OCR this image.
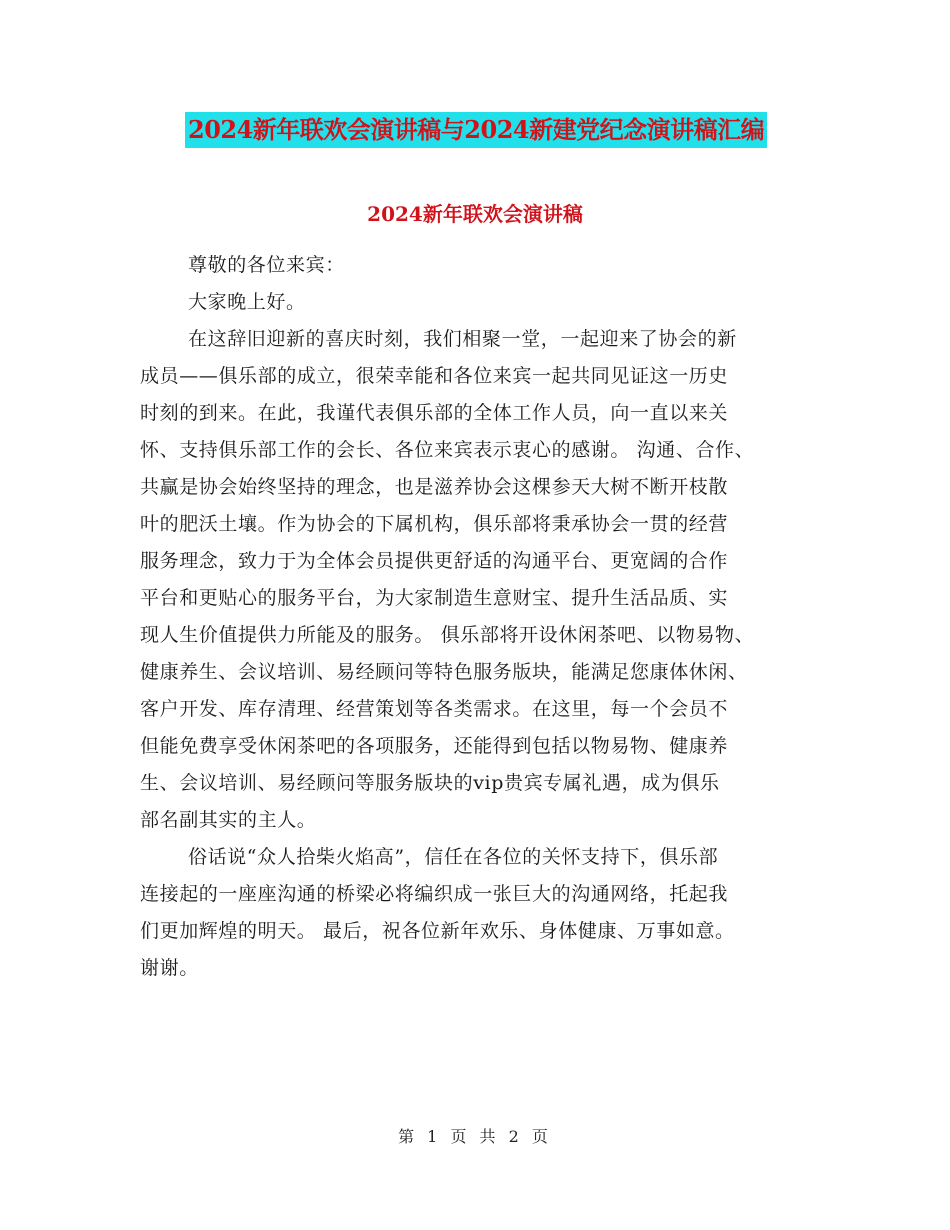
2024新年联欢会演讲稿与2024新建党纪念演讲稿汇编
2024新年联欢会演讲稿
尊敬的各位来宾：
大家晚上好。
在这辞旧迎新的喜庆时刻，我们相聚一堂，一起迎来了协会的新
成员——俱乐部的成立，很荣幸能和各位来宾一起共同见证这一历史
时刻的到来。在此，我谨代表俱乐部的全体工作人员，向一直以来关
怀、支持俱乐部工作的会长、各位来宾表示衷心的感谢。 沟通、合作、
共赢是协会始终坚持的理念，也是滋养协会这棵参天大树不断开枝散
叶的肥沃土壤。作为协会的下属机构，俱乐部将秉承协会一贯的经营
服务理念，致力于为全体会员提供更舒适的沟通平台、更宽阔的合作
平台和更贴心的服务平台，为大家制造生意财宝、提升生活品质、实
现人生价值提供力所能及的服务。 俱乐部将开设休闲茶吧、以物易物、
健康养生、会议培训、易经顾问等特色服务版块，能满足您康体休闲、
客户开发、库存清理、经营策划等各类需求。在这里，每一个会员不
但能免费享受休闲茶吧的各项服务，还能得到包括以物易物、健康养
生、会议培训、易经顾问等服务版块的vip贵宾专属礼遇，成为俱乐
部名副其实的主人。
俗话说“众人拾柴火焰高”，信任在各位的关怀支持下，俱乐部
连接起的一座座沟通的桥梁必将编织成一张巨大的沟通网络，托起我
们更加辉煌的明天。 最后，祝各位新年欢乐、身体健康、万事如意。
谢谢。
第 1 页 共 2 页
